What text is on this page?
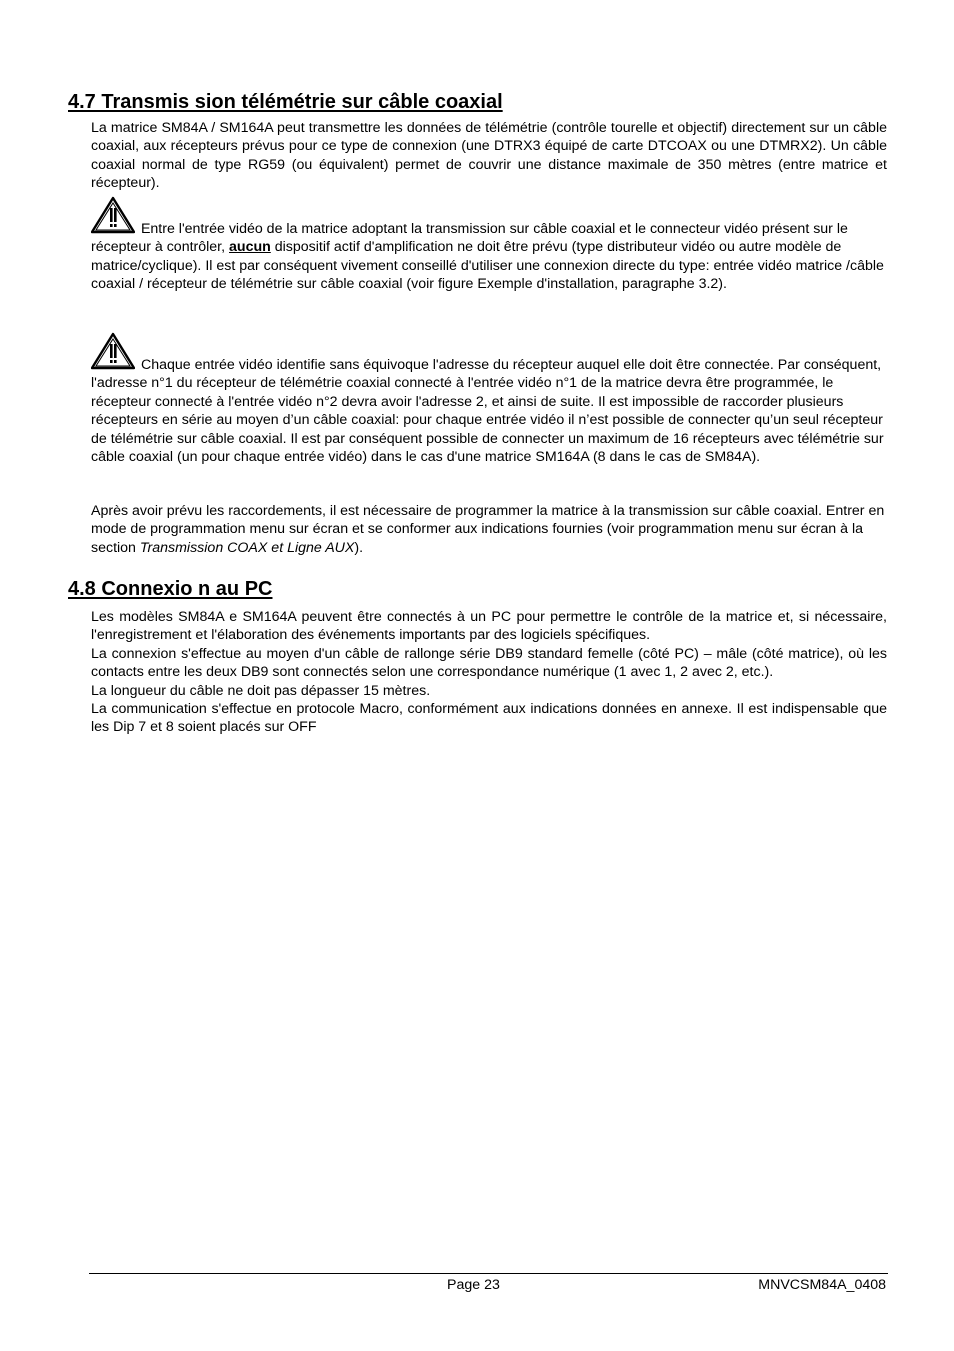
4.7 Transmis sion télémétrie sur câble coaxial

La matrice SM84A / SM164A peut transmettre les données de télémétrie (contrôle tourelle et objectif) directement sur un câble coaxial, aux récepteurs prévus pour ce type de connexion (une DTRX3 équipé de carte DTCOAX ou une DTMRX2). Un câble coaxial normal de type RG59 (ou équivalent) permet de couvrir une distance maximale de 350 mètres (entre matrice et récepteur).

Entre l'entrée vidéo de la matrice adoptant la transmission sur câble coaxial et le connecteur vidéo présent sur le récepteur à contrôler, aucun dispositif actif d'amplification ne doit être prévu (type distributeur vidéo ou autre modèle de matrice/cyclique). Il est par conséquent vivement conseillé d'utiliser une connexion directe du type: entrée vidéo matrice /câble coaxial / récepteur de télémétrie sur câble coaxial (voir figure Exemple d'installation, paragraphe 3.2).

Chaque entrée vidéo identifie sans équivoque l'adresse du récepteur auquel elle doit être connectée. Par conséquent, l'adresse n°1 du récepteur de télémétrie coaxial connecté à l'entrée vidéo n°1 de la matrice devra être programmée, le récepteur connecté à l'entrée vidéo n°2 devra avoir l'adresse 2, et ainsi de suite. Il est impossible de raccorder plusieurs récepteurs en série au moyen d’un câble coaxial: pour chaque entrée vidéo il n’est possible de connecter qu’un seul récepteur de télémétrie sur câble coaxial. Il est par conséquent possible de connecter un maximum de 16 récepteurs avec télémétrie sur câble coaxial (un pour chaque entrée vidéo) dans le cas d'une matrice SM164A (8 dans le cas de SM84A).

Après avoir prévu les raccordements, il est nécessaire de programmer la matrice à la transmission sur câble coaxial. Entrer en mode de programmation menu sur écran et se conformer aux indications fournies (voir programmation menu sur écran à la section Transmission COAX et Ligne AUX).

4.8 Connexio n au PC

Les modèles SM84A e SM164A peuvent être connectés à un PC pour permettre le contrôle de la matrice et, si nécessaire, l'enregistrement et l'élaboration des événements importants par des logiciels spécifiques.

La connexion s'effectue au moyen d'un câble de rallonge série DB9 standard femelle (côté PC) – mâle (côté matrice), où les contacts entre les deux DB9 sont connectés selon une correspondance numérique (1 avec 1, 2 avec 2, etc.).

La longueur du câble ne doit pas dépasser 15 mètres.

La communication s'effectue en protocole Macro, conformément aux indications données en annexe. Il est indispensable que les Dip 7 et 8 soient placés sur OFF

Page 23	MNVCSM84A_0408
